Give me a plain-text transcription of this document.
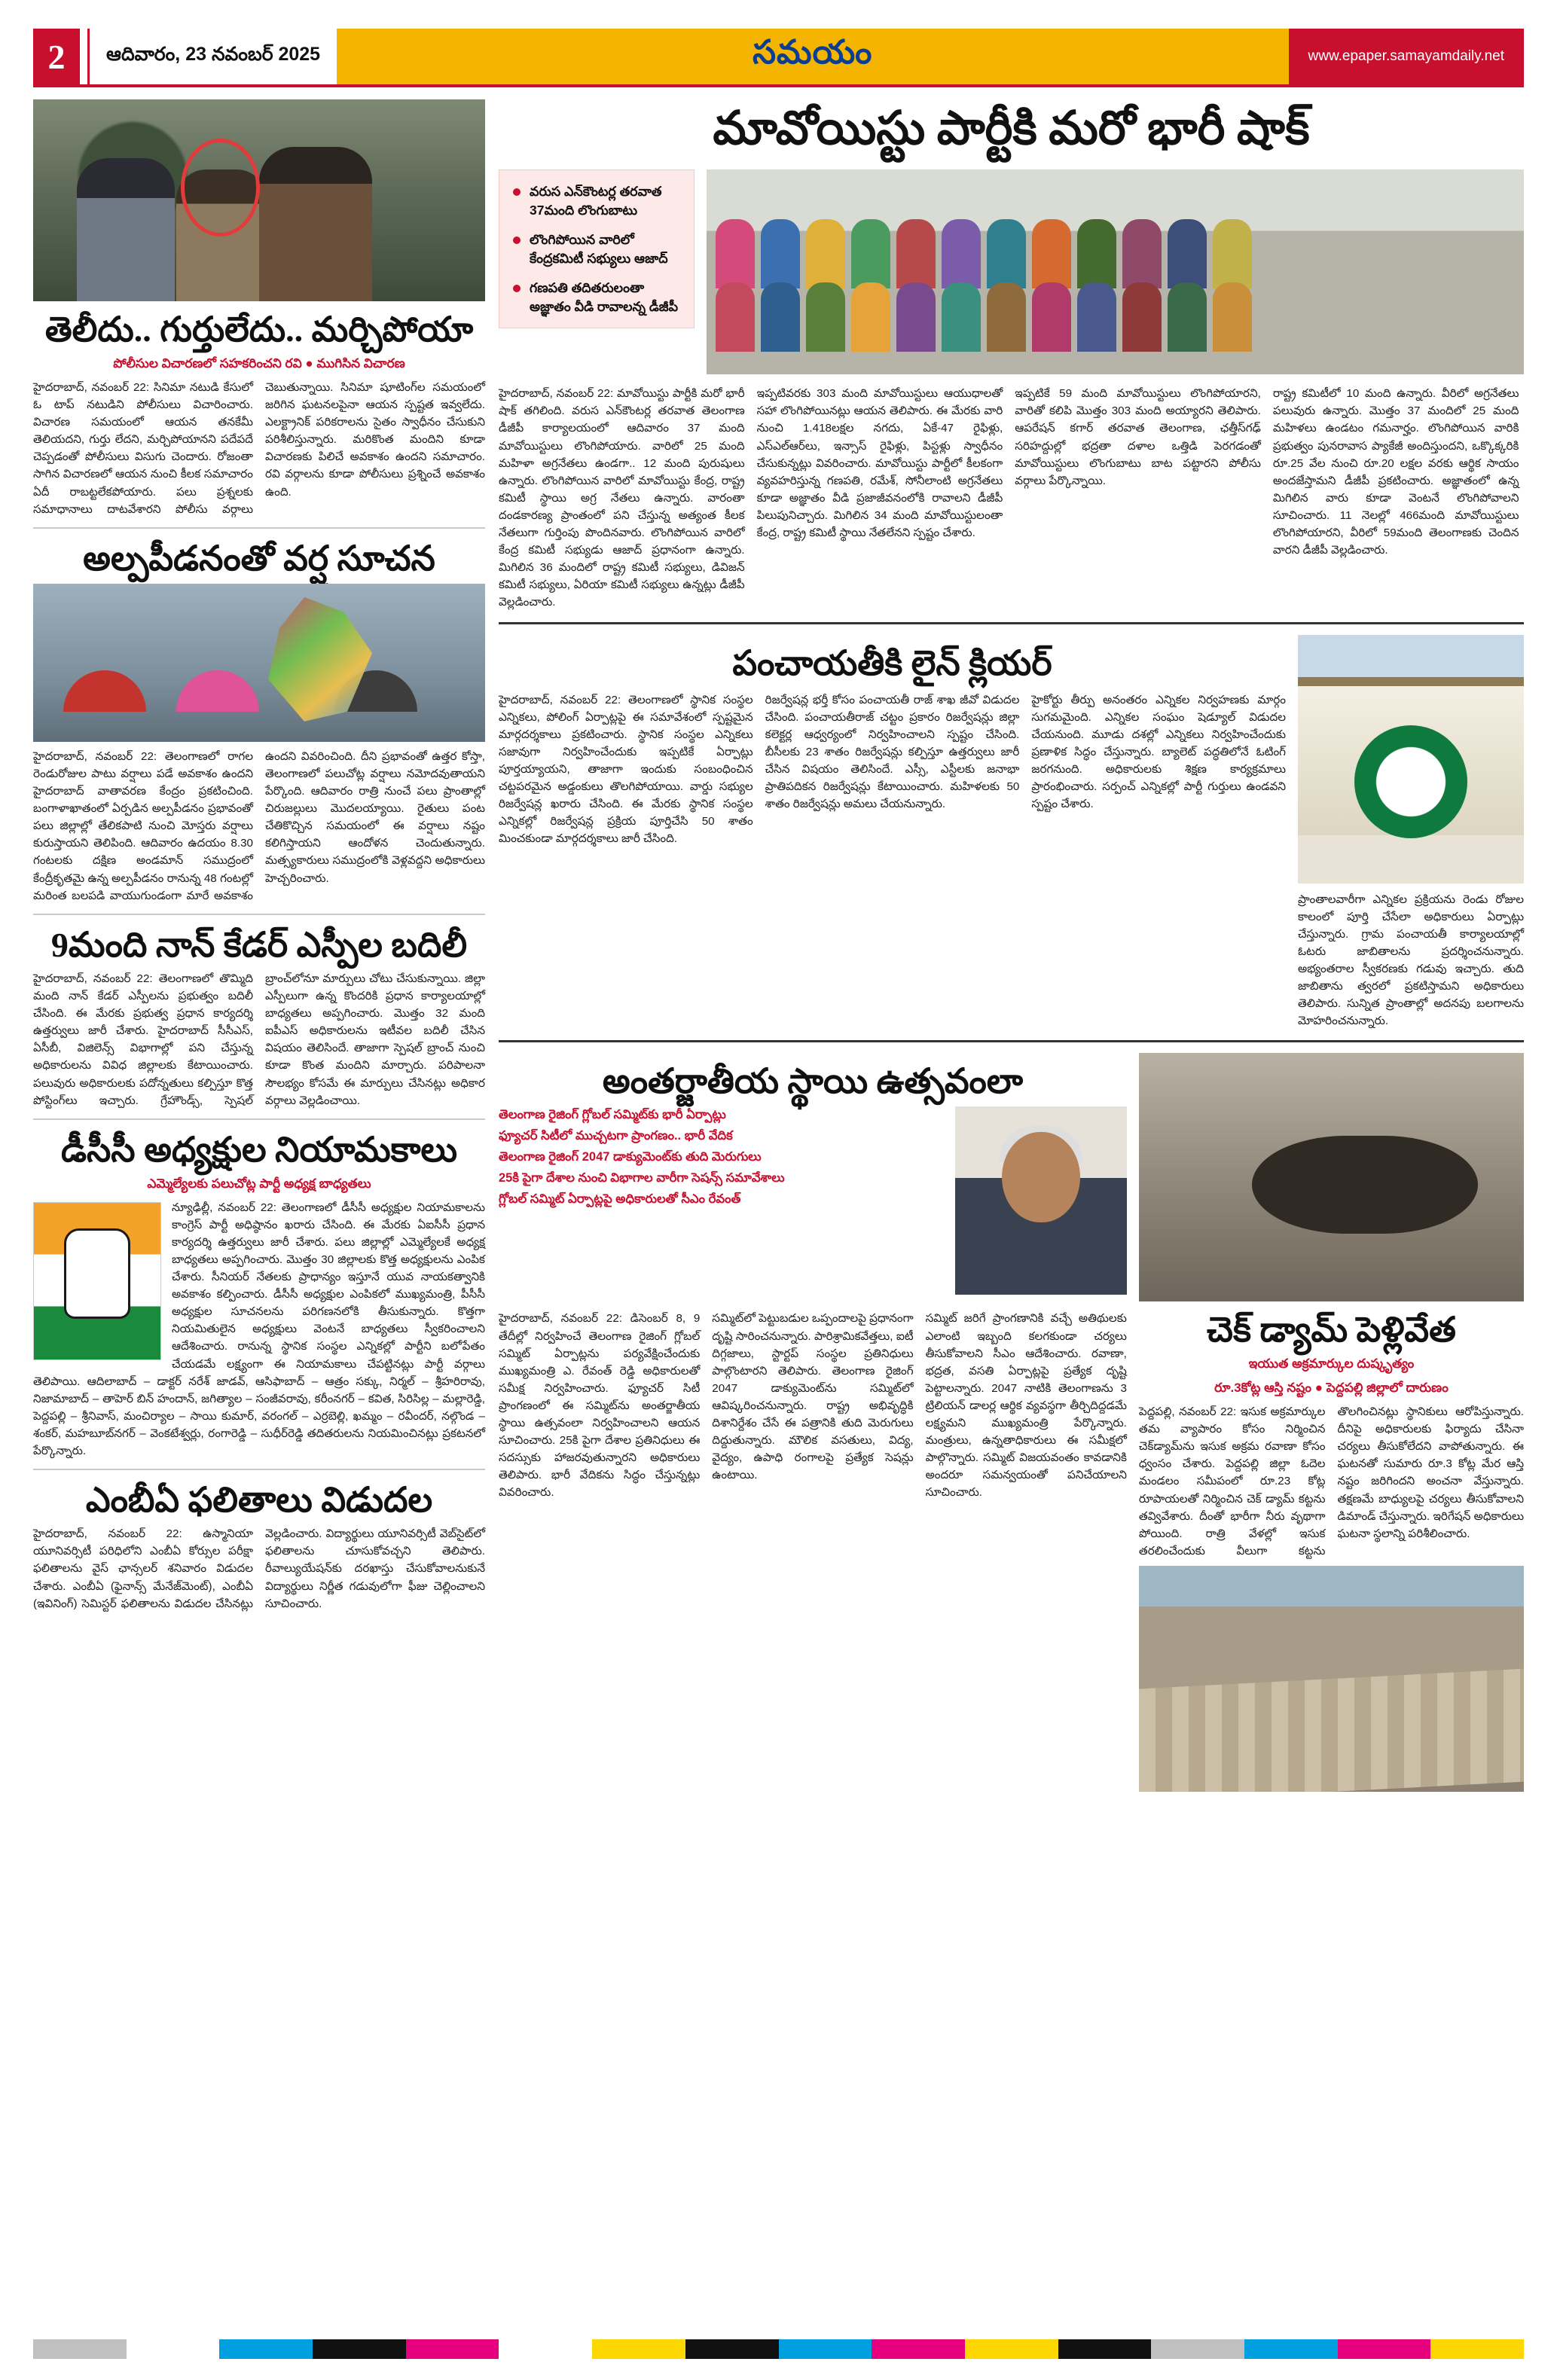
2	ఆదివారం, 23 నవంబర్ 2025	సమయం	www.epaper.samayamdaily.net
తెలీదు.. గుర్తులేదు.. మర్చిపోయా
పోలీసుల విచారణలో సహకరించని రవి ● ముగిసిన విచారణ
హైదరాబాద్, నవంబర్ 22: సినిమా నటుడి కేసులో ఓ టాప్ నటుడిని పోలీసులు విచారించారు. విచారణ సమయంలో ఆయన తనకేమీ తెలియదని, గుర్తు లేదని, మర్చిపోయానని పదేపదే చెప్పడంతో పోలీసులు విసుగు చెందారు. రోజంతా సాగిన విచారణలో ఆయన నుంచి కీలక సమాచారం ఏదీ రాబట్టలేకపోయారు. పలు ప్రశ్నలకు సమాధానాలు దాటవేశారని పోలీసు వర్గాలు చెబుతున్నాయి. సినిమా షూటింగ్‌ల సమయంలో జరిగిన ఘటనలపైనా ఆయన స్పష్టత ఇవ్వలేదు. ఎలక్ట్రానిక్ పరికరాలను సైతం స్వాధీనం చేసుకుని పరిశీలిస్తున్నారు. మరికొంత మందిని కూడా విచారణకు పిలిచే అవకాశం ఉందని సమాచారం. రవి వర్గాలను కూడా పోలీసులు ప్రశ్నించే అవకాశం ఉంది.
అల్పపీడనంతో వర్ష సూచన
హైదరాబాద్, నవంబర్ 22: తెలంగాణలో రాగల రెండురోజుల పాటు వర్షాలు పడే అవకాశం ఉందని హైదరాబాద్ వాతావరణ కేంద్రం ప్రకటించింది. బంగాళాఖాతంలో ఏర్పడిన అల్పపీడనం ప్రభావంతో పలు జిల్లాల్లో తేలికపాటి నుంచి మోస్తరు వర్షాలు కురుస్తాయని తెలిపింది. ఆదివారం ఉదయం 8.30 గంటలకు దక్షిణ అండమాన్ సముద్రంలో కేంద్రీకృతమై ఉన్న అల్పపీడనం రానున్న 48 గంటల్లో మరింత బలపడి వాయుగుండంగా మారే అవకాశం ఉందని వివరించింది. దీని ప్రభావంతో ఉత్తర కోస్తా, తెలంగాణలో పలుచోట్ల వర్షాలు నమోదవుతాయని పేర్కొంది. ఆదివారం రాత్రి నుంచే పలు ప్రాంతాల్లో చిరుజల్లులు మొదలయ్యాయి. రైతులు పంట చేతికొచ్చిన సమయంలో ఈ వర్షాలు నష్టం కలిగిస్తాయని ఆందోళన చెందుతున్నారు. మత్స్యకారులు సముద్రంలోకి వెళ్లవద్దని అధికారులు హెచ్చరించారు.
9మంది నాన్ కేడర్ ఎస్పీల బదిలీ
హైదరాబాద్, నవంబర్ 22: తెలంగాణలో తొమ్మిది మంది నాన్ కేడర్ ఎస్పీలను ప్రభుత్వం బదిలీ చేసింది. ఈ మేరకు ప్రభుత్వ ప్రధాన కార్యదర్శి ఉత్తర్వులు జారీ చేశారు. హైదరాబాద్ సీసీఎస్, ఏసీబీ, విజిలెన్స్ విభాగాల్లో పని చేస్తున్న అధికారులను వివిధ జిల్లాలకు కేటాయించారు. పలువురు అధికారులకు పదోన్నతులు కల్పిస్తూ కొత్త పోస్టింగ్‌లు ఇచ్చారు. గ్రేహౌండ్స్, స్పెషల్ బ్రాంచ్‌లోనూ మార్పులు చోటు చేసుకున్నాయి. జిల్లా ఎస్పీలుగా ఉన్న కొందరికి ప్రధాన కార్యాలయాల్లో బాధ్యతలు అప్పగించారు. మొత్తం 32 మంది ఐపీఎస్ అధికారులను ఇటీవల బదిలీ చేసిన విషయం తెలిసిందే. తాజాగా స్పెషల్ బ్రాంచ్ నుంచి కూడా కొంత మందిని మార్చారు. పరిపాలనా సౌలభ్యం కోసమే ఈ మార్పులు చేసినట్లు అధికార వర్గాలు వెల్లడించాయి.
డీసీసీ అధ్యక్షుల నియామకాలు
ఎమ్మెల్యేలకు పలుచోట్ల పార్టీ అధ్యక్ష బాధ్యతలు
న్యూఢిల్లీ, నవంబర్ 22: తెలంగాణలో డీసీసీ అధ్యక్షుల నియామకాలను కాంగ్రెస్ పార్టీ అధిష్ఠానం ఖరారు చేసింది. ఈ మేరకు ఏఐసీసీ ప్రధాన కార్యదర్శి ఉత్తర్వులు జారీ చేశారు. పలు జిల్లాల్లో ఎమ్మెల్యేలకే అధ్యక్ష బాధ్యతలు అప్పగించారు. మొత్తం 30 జిల్లాలకు కొత్త అధ్యక్షులను ఎంపిక చేశారు. సీనియర్ నేతలకు ప్రాధాన్యం ఇస్తూనే యువ నాయకత్వానికి అవకాశం కల్పించారు. డీసీసీ అధ్యక్షుల ఎంపికలో ముఖ్యమంత్రి, పీసీసీ అధ్యక్షుల సూచనలను పరిగణనలోకి తీసుకున్నారు. కొత్తగా నియమితులైన అధ్యక్షులు వెంటనే బాధ్యతలు స్వీకరించాలని ఆదేశించారు. రానున్న స్థానిక సంస్థల ఎన్నికల్లో పార్టీని బలోపేతం చేయడమే లక్ష్యంగా ఈ నియామకాలు చేపట్టినట్లు పార్టీ వర్గాలు తెలిపాయి. ఆదిలాబాద్ – డాక్టర్ నరేశ్ జాడవ్, ఆసిఫాబాద్ – ఆత్రం సక్కు, నిర్మల్ – శ్రీహరిరావు, నిజామాబాద్ – తాహెర్ బిన్ హందాన్, జగిత్యాల – సంజీవరావు, కరీంనగర్ – కవిత, సిరిసిల్ల – మల్లారెడ్డి, పెద్దపల్లి – శ్రీనివాస్, మంచిర్యాల – సాయి కుమార్, వరంగల్ – ఎర్రబెల్లి, ఖమ్మం – రవీందర్, నల్గొండ – శంకర్, మహబూబ్‌నగర్ – వెంకటేశ్వర్లు, రంగారెడ్డి – సుధీర్‌రెడ్డి తదితరులను నియమించినట్లు ప్రకటనలో పేర్కొన్నారు.
ఎంబీఏ ఫలితాలు విడుదల
హైదరాబాద్, నవంబర్ 22: ఉస్మానియా యూనివర్సిటీ పరిధిలోని ఎంబీఏ కోర్సుల పరీక్షా ఫలితాలను వైస్ ఛాన్సలర్ శనివారం విడుదల చేశారు. ఎంబీఏ (ఫైనాన్స్ మేనేజ్‌మెంట్), ఎంబీఏ (ఇవినింగ్) సెమిస్టర్ ఫలితాలను విడుదల చేసినట్లు వెల్లడించారు. విద్యార్థులు యూనివర్సిటీ వెబ్‌సైట్‌లో ఫలితాలను చూసుకోవచ్చని తెలిపారు. రీవాల్యుయేషన్‌కు దరఖాస్తు చేసుకోవాలనుకునే విద్యార్థులు నిర్ణీత గడువులోగా ఫీజు చెల్లించాలని సూచించారు.
మావోయిస్టు పార్టీకి మరో భారీ షాక్
వరుస ఎన్‌కౌంటర్ల తరవాత 37మంది లొంగుబాటు
లొంగిపోయిన వారిలో కేంద్రకమిటీ సభ్యులు ఆజాద్
గణపతి తదితరులంతా అజ్ఞాతం వీడి రావాలన్న డీజీపీ
హైదరాబాద్, నవంబర్ 22: మావోయిస్టు పార్టీకి మరో భారీ షాక్ తగిలింది. వరుస ఎన్‌కౌంటర్ల తరవాత తెలంగాణ డీజీపీ కార్యాలయంలో ఆదివారం 37 మంది మావోయిస్టులు లొంగిపోయారు. వారిలో 25 మంది మహిళా అగ్రనేతలు ఉండగా.. 12 మంది పురుషులు ఉన్నారు. లొంగిపోయిన వారిలో మావోయిస్టు కేంద్ర, రాష్ట్ర కమిటీ స్థాయి అగ్ర నేతలు ఉన్నారు. వారంతా దండకారణ్య ప్రాంతంలో పని చేస్తున్న అత్యంత కీలక నేతలుగా గుర్తింపు పొందినవారు. లొంగిపోయిన వారిలో కేంద్ర కమిటీ సభ్యుడు ఆజాద్ ప్రధానంగా ఉన్నారు. మిగిలిన 36 మందిలో రాష్ట్ర కమిటీ సభ్యులు, డివిజన్ కమిటీ సభ్యులు, ఏరియా కమిటీ సభ్యులు ఉన్నట్లు డీజీపీ వెల్లడించారు.
ఇప్పటివరకు 303 మంది మావోయిస్టులు ఆయుధాలతో సహా లొంగిపోయినట్లు ఆయన తెలిపారు. ఈ మేరకు వారి నుంచి 1.418లక్షల నగదు, ఏకే-47 రైఫిళ్లు, ఎస్‌ఎల్‌ఆర్‌లు, ఇన్సాస్ రైఫిళ్లు, పిస్టళ్లు స్వాధీనం చేసుకున్నట్లు వివరించారు. మావోయిస్టు పార్టీలో కీలకంగా వ్యవహరిస్తున్న గణపతి, రమేశ్‌, సోనీలాంటి అగ్రనేతలు కూడా అజ్ఞాతం వీడి ప్రజాజీవనంలోకి రావాలని డీజీపీ పిలుపునిచ్చారు. మిగిలిన 34 మంది మావోయిస్టులంతా కేంద్ర, రాష్ట్ర కమిటీ స్థాయి నేతలేనని స్పష్టం చేశారు.
ఇప్పటికే 59 మంది మావోయిస్టులు లొంగిపోయారని, వారితో కలిపి మొత్తం 303 మంది అయ్యారని తెలిపారు. ఆపరేషన్ కగార్ తరవాత తెలంగాణ, ఛత్తీస్‌గఢ్ సరిహద్దుల్లో భద్రతా దళాల ఒత్తిడి పెరగడంతో మావోయిస్టులు లొంగుబాటు బాట పట్టారని పోలీసు వర్గాలు పేర్కొన్నాయి.
రాష్ట్ర కమిటీలో 10 మంది ఉన్నారు. వీరిలో అగ్రనేతలు పలువురు ఉన్నారు. మొత్తం 37 మందిలో 25 మంది మహిళలు ఉండటం గమనార్హం. లొంగిపోయిన వారికి ప్రభుత్వం పునరావాస ప్యాకేజీ అందిస్తుందని, ఒక్కొక్కరికి రూ.25 వేల నుంచి రూ.20 లక్షల వరకు ఆర్థిక సాయం అందజేస్తామని డీజీపీ ప్రకటించారు. అజ్ఞాతంలో ఉన్న మిగిలిన వారు కూడా వెంటనే లొంగిపోవాలని సూచించారు. 11 నెలల్లో 466మంది మావోయిస్టులు లొంగిపోయారని, వీరిలో 59మంది తెలంగాణకు చెందిన వారని డీజీపీ వెల్లడించారు.
పంచాయతీకి లైన్ క్లియర్
హైదరాబాద్, నవంబర్ 22: తెలంగాణలో స్థానిక సంస్థల ఎన్నికలు, పోలింగ్ ఏర్పాట్లపై ఈ సమావేశంలో స్పష్టమైన మార్గదర్శకాలు ప్రకటించారు. స్థానిక సంస్థల ఎన్నికలు సజావుగా నిర్వహించేందుకు ఇప్పటికే ఏర్పాట్లు పూర్తయ్యాయని, తాజాగా ఇందుకు సంబంధించిన చట్టపరమైన అడ్డంకులు తొలగిపోయాయి. వార్డు సభ్యుల రిజర్వేషన్ల ఖరారు చేసింది. ఈ మేరకు స్థానిక సంస్థల ఎన్నికల్లో రిజర్వేషన్ల ప్రక్రియ పూర్తిచేసి 50 శాతం మించకుండా మార్గదర్శకాలు జారీ చేసింది.
రిజర్వేషన్ల భర్తీ కోసం పంచాయతీ రాజ్ శాఖ జీవో విడుదల చేసింది. పంచాయతీరాజ్ చట్టం ప్రకారం రిజర్వేషన్లు జిల్లా కలెక్టర్ల ఆధ్వర్యంలో నిర్వహించాలని స్పష్టం చేసింది. బీసీలకు 23 శాతం రిజర్వేషన్లు కల్పిస్తూ ఉత్తర్వులు జారీ చేసిన విషయం తెలిసిందే. ఎస్సీ, ఎస్టీలకు జనాభా ప్రాతిపదికన రిజర్వేషన్లు కేటాయించారు. మహిళలకు 50 శాతం రిజర్వేషన్లు అమలు చేయనున్నారు.
హైకోర్టు తీర్పు అనంతరం ఎన్నికల నిర్వహణకు మార్గం సుగమమైంది. ఎన్నికల సంఘం షెడ్యూల్ విడుదల చేయనుంది. మూడు దశల్లో ఎన్నికలు నిర్వహించేందుకు ప్రణాళిక సిద్ధం చేస్తున్నారు. బ్యాలెట్ పద్ధతిలోనే ఓటింగ్ జరగనుంది. అధికారులకు శిక్షణ కార్యక్రమాలు ప్రారంభించారు. సర్పంచ్ ఎన్నికల్లో పార్టీ గుర్తులు ఉండవని స్పష్టం చేశారు.
ప్రాంతాలవారీగా ఎన్నికల ప్రక్రియను రెండు రోజుల కాలంలో పూర్తి చేసేలా అధికారులు ఏర్పాట్లు చేస్తున్నారు. గ్రామ పంచాయతీ కార్యాలయాల్లో ఓటరు జాబితాలను ప్రదర్శించనున్నారు. అభ్యంతరాల స్వీకరణకు గడువు ఇచ్చారు. తుది జాబితాను త్వరలో ప్రకటిస్తామని అధికారులు తెలిపారు. సున్నిత ప్రాంతాల్లో అదనపు బలగాలను మోహరించనున్నారు.
అంతర్జాతీయ స్థాయి ఉత్సవంలా
తెలంగాణ రైజింగ్ గ్లోబల్ సమ్మిట్‌కు భారీ ఏర్పాట్లు
ఫ్యూచర్ సిటీలో ముచ్చటగా ప్రాంగణం.. భారీ వేదిక
తెలంగాణ రైజింగ్ 2047 డాక్యుమెంట్‌కు తుది మెరుగులు
25కి పైగా దేశాల నుంచి విభాగాల వారీగా సెషన్స్ సమావేశాలు
గ్లోబల్ సమ్మిట్ ఏర్పాట్లపై అధికారులతో సీఎం రేవంత్
హైదరాబాద్, నవంబర్ 22: డిసెంబర్ 8, 9 తేదీల్లో నిర్వహించే తెలంగాణ రైజింగ్ గ్లోబల్ సమ్మిట్ ఏర్పాట్లను పర్యవేక్షించేందుకు ముఖ్యమంత్రి ఎ. రేవంత్ రెడ్డి అధికారులతో సమీక్ష నిర్వహించారు. ఫ్యూచర్ సిటీ ప్రాంగణంలో ఈ సమ్మిట్‌ను అంతర్జాతీయ స్థాయి ఉత్సవంలా నిర్వహించాలని ఆయన సూచించారు. 25కి పైగా దేశాల ప్రతినిధులు ఈ సదస్సుకు హాజరవుతున్నారని అధికారులు తెలిపారు. భారీ వేదికను సిద్ధం చేస్తున్నట్లు వివరించారు.
సమ్మిట్‌లో పెట్టుబడుల ఒప్పందాలపై ప్రధానంగా దృష్టి సారించనున్నారు. పారిశ్రామికవేత్తలు, ఐటీ దిగ్గజాలు, స్టార్టప్ సంస్థల ప్రతినిధులు పాల్గొంటారని తెలిపారు. తెలంగాణ రైజింగ్ 2047 డాక్యుమెంట్‌ను సమ్మిట్‌లో ఆవిష్కరించనున్నారు. రాష్ట్ర అభివృద్ధికి దిశానిర్దేశం చేసే ఈ పత్రానికి తుది మెరుగులు దిద్దుతున్నారు. మౌలిక వసతులు, విద్య, వైద్యం, ఉపాధి రంగాలపై ప్రత్యేక సెషన్లు ఉంటాయి.
సమ్మిట్ జరిగే ప్రాంగణానికి వచ్చే అతిథులకు ఎలాంటి ఇబ్బంది కలగకుండా చర్యలు తీసుకోవాలని సీఎం ఆదేశించారు. రవాణా, భద్రత, వసతి ఏర్పాట్లపై ప్రత్యేక దృష్టి పెట్టాలన్నారు. 2047 నాటికి తెలంగాణను 3 ట్రిలియన్ డాలర్ల ఆర్థిక వ్యవస్థగా తీర్చిదిద్దడమే లక్ష్యమని ముఖ్యమంత్రి పేర్కొన్నారు. మంత్రులు, ఉన్నతాధికారులు ఈ సమీక్షలో పాల్గొన్నారు. సమ్మిట్ విజయవంతం కావడానికి అందరూ సమన్వయంతో పనిచేయాలని సూచించారు.
చెక్ డ్యామ్ పెళ్లివేత
ఇయుత అక్రమార్కుల దుష్కృత్యం
రూ.3కోట్ల ఆస్తి నష్టం ● పెద్దపల్లి జిల్లాలో దారుణం
పెద్దపల్లి, నవంబర్ 22: ఇసుక అక్రమార్కుల తమ వ్యాపారం కోసం నిర్మించిన చెక్‌డ్యామ్‌ను ఇసుక అక్రమ రవాణా కోసం ధ్వంసం చేశారు. పెద్దపల్లి జిల్లా ఓదెల మండలం సమీపంలో రూ.23 కోట్ల రూపాయలతో నిర్మించిన చెక్ డ్యామ్ కట్టను తవ్వివేశారు. దీంతో భారీగా నీరు వృథాగా పోయింది. రాత్రి వేళల్లో ఇసుక తరలించేందుకు వీలుగా కట్టను తొలగించినట్లు స్థానికులు ఆరోపిస్తున్నారు. దీనిపై అధికారులకు ఫిర్యాదు చేసినా చర్యలు తీసుకోలేదని వాపోతున్నారు. ఈ ఘటనతో సుమారు రూ.3 కోట్ల మేర ఆస్తి నష్టం జరిగిందని అంచనా వేస్తున్నారు. తక్షణమే బాధ్యులపై చర్యలు తీసుకోవాలని డిమాండ్ చేస్తున్నారు. ఇరిగేషన్ అధికారులు ఘటనా స్థలాన్ని పరిశీలించారు.
